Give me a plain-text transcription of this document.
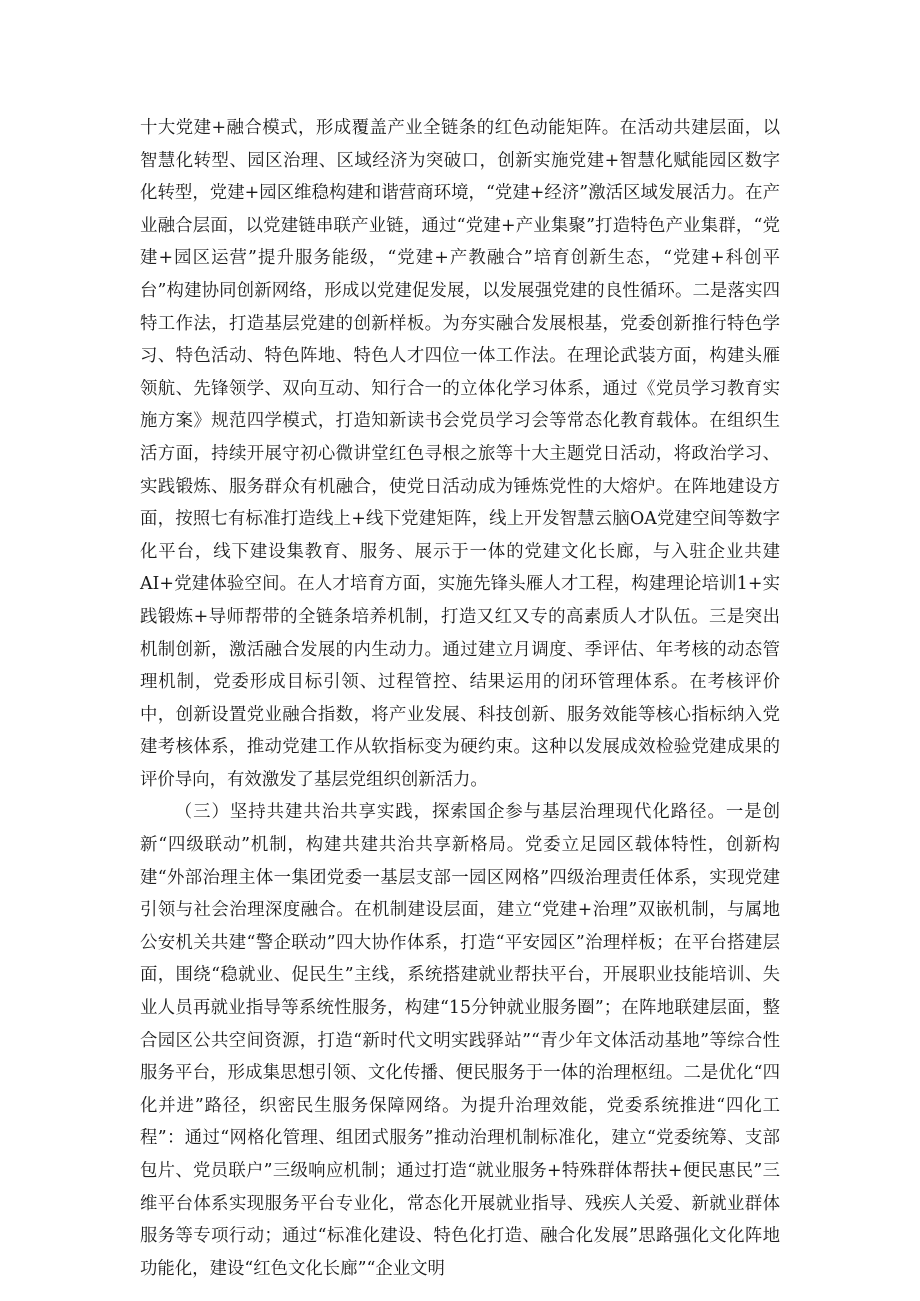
十大党建+融合模式，形成覆盖产业全链条的红色动能矩阵。在活动共建层面，以智慧化转型、园区治理、区域经济为突破口，创新实施党建+智慧化赋能园区数字化转型，党建+园区维稳构建和谐营商环境，“党建+经济”激活区域发展活力。在产业融合层面，以党建链串联产业链，通过“党建+产业集聚”打造特色产业集群，“党建+园区运营”提升服务能级，“党建+产教融合”培育创新生态，“党建+科创平台”构建协同创新网络，形成以党建促发展，以发展强党建的良性循环。二是落实四特工作法，打造基层党建的创新样板。为夯实融合发展根基，党委创新推行特色学习、特色活动、特色阵地、特色人才四位一体工作法。在理论武装方面，构建头雁领航、先锋领学、双向互动、知行合一的立体化学习体系，通过《党员学习教育实施方案》规范四学模式，打造知新读书会党员学习会等常态化教育载体。在组织生活方面，持续开展守初心微讲堂红色寻根之旅等十大主题党日活动，将政治学习、实践锻炼、服务群众有机融合，使党日活动成为锤炼党性的大熔炉。在阵地建设方面，按照七有标准打造线上+线下党建矩阵，线上开发智慧云脑OA党建空间等数字化平台，线下建设集教育、服务、展示于一体的党建文化长廊，与入驻企业共建AI+党建体验空间。在人才培育方面，实施先锋头雁人才工程，构建理论培训1+实践锻炼+导师帮带的全链条培养机制，打造又红又专的高素质人才队伍。三是突出机制创新，激活融合发展的内生动力。通过建立月调度、季评估、年考核的动态管理机制，党委形成目标引领、过程管控、结果运用的闭环管理体系。在考核评价中，创新设置党业融合指数，将产业发展、科技创新、服务效能等核心指标纳入党建考核体系，推动党建工作从软指标变为硬约束。这种以发展成效检验党建成果的评价导向，有效激发了基层党组织创新活力。

（三）坚持共建共治共享实践，探索国企参与基层治理现代化路径。一是创新“四级联动”机制，构建共建共治共享新格局。党委立足园区载体特性，创新构建“外部治理主体一集团党委一基层支部一园区网格”四级治理责任体系，实现党建引领与社会治理深度融合。在机制建设层面，建立“党建+治理”双嵌机制，与属地公安机关共建“警企联动”四大协作体系，打造“平安园区”治理样板；在平台搭建层面，围绕“稳就业、促民生”主线，系统搭建就业帮扶平台，开展职业技能培训、失业人员再就业指导等系统性服务，构建“15分钟就业服务圈”；在阵地联建层面，整合园区公共空间资源，打造“新时代文明实践驿站”“青少年文体活动基地”等综合性服务平台，形成集思想引领、文化传播、便民服务于一体的治理枢纽。二是优化“四化并进”路径，织密民生服务保障网络。为提升治理效能，党委系统推进“四化工程”：通过“网格化管理、组团式服务”推动治理机制标准化，建立“党委统筹、支部包片、党员联户”三级响应机制；通过打造“就业服务+特殊群体帮扶+便民惠民”三维平台体系实现服务平台专业化，常态化开展就业指导、残疾人关爱、新就业群体服务等专项行动；通过“标准化建设、特色化打造、融合化发展”思路强化文化阵地功能化，建设“红色文化长廊”“企业文明
